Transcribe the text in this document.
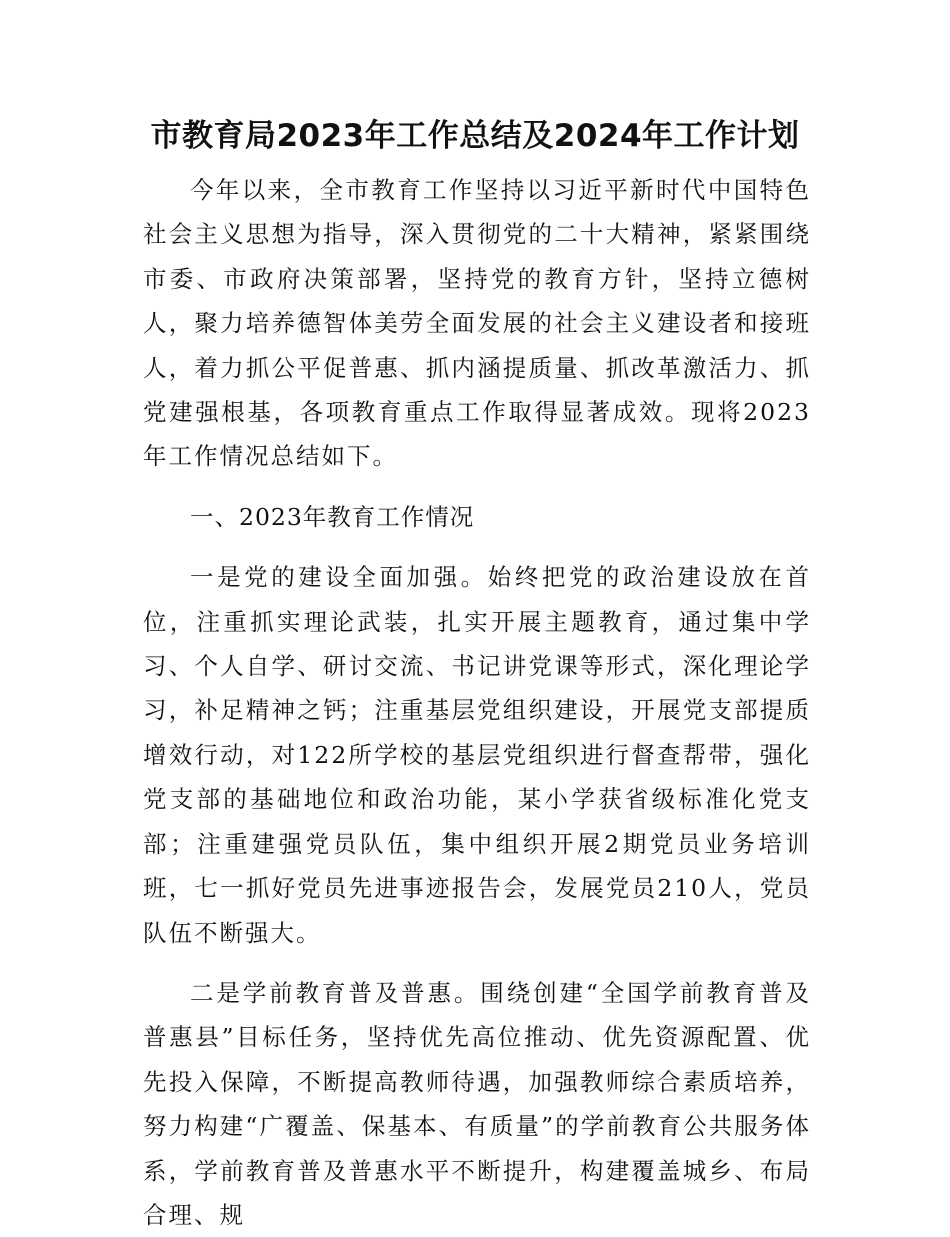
市教育局2023年工作总结及2024年工作计划

今年以来，全市教育工作坚持以习近平新时代中国特色社会主义思想为指导，深入贯彻党的二十大精神，紧紧围绕市委、市政府决策部署，坚持党的教育方针，坚持立德树人，聚力培养德智体美劳全面发展的社会主义建设者和接班人，着力抓公平促普惠、抓内涵提质量、抓改革激活力、抓党建强根基，各项教育重点工作取得显著成效。现将2023年工作情况总结如下。

一、2023年教育工作情况

一是党的建设全面加强。始终把党的政治建设放在首位，注重抓实理论武装，扎实开展主题教育，通过集中学习、个人自学、研讨交流、书记讲党课等形式，深化理论学习，补足精神之钙；注重基层党组织建设，开展党支部提质增效行动，对122所学校的基层党组织进行督查帮带，强化党支部的基础地位和政治功能，某小学获省级标准化党支部；注重建强党员队伍，集中组织开展2期党员业务培训班，七一抓好党员先进事迹报告会，发展党员210人，党员队伍不断强大。

二是学前教育普及普惠。围绕创建“全国学前教育普及普惠县”目标任务，坚持优先高位推动、优先资源配置、优先投入保障，不断提高教师待遇，加强教师综合素质培养，努力构建“广覆盖、保基本、有质量”的学前教育公共服务体系，学前教育普及普惠水平不断提升，构建覆盖城乡、布局合理、规
